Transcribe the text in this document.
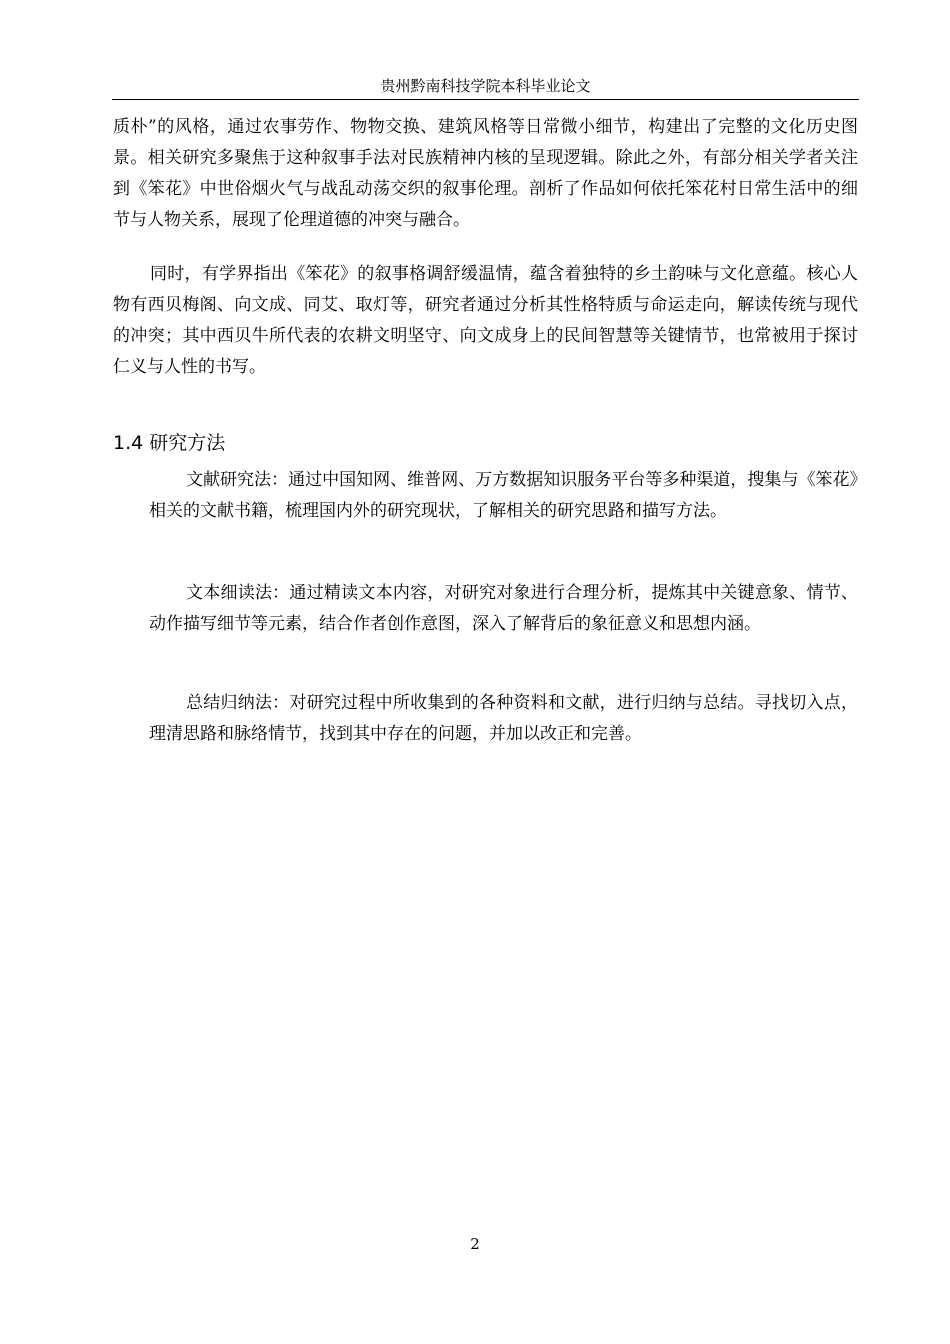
贵州黔南科技学院本科毕业论文

质朴”的风格，通过农事劳作、物物交换、建筑风格等日常微小细节，构建出了完整的文化历史图景。相关研究多聚焦于这种叙事手法对民族精神内核的呈现逻辑。除此之外，有部分相关学者关注到《笨花》中世俗烟火气与战乱动荡交织的叙事伦理。剖析了作品如何依托笨花村日常生活中的细节与人物关系，展现了伦理道德的冲突与融合。

同时，有学界指出《笨花》的叙事格调舒缓温情，蕴含着独特的乡土韵味与文化意蕴。核心人物有西贝梅阁、向文成、同艾、取灯等，研究者通过分析其性格特质与命运走向，解读传统与现代的冲突；其中西贝牛所代表的农耕文明坚守、向文成身上的民间智慧等关键情节，也常被用于探讨仁义与人性的书写。

1.4 研究方法

文献研究法：通过中国知网、维普网、万方数据知识服务平台等多种渠道，搜集与《笨花》相关的文献书籍，梳理国内外的研究现状，了解相关的研究思路和描写方法。

文本细读法：通过精读文本内容，对研究对象进行合理分析，提炼其中关键意象、情节、动作描写细节等元素，结合作者创作意图，深入了解背后的象征意义和思想内涵。

总结归纳法：对研究过程中所收集到的各种资料和文献，进行归纳与总结。寻找切入点，理清思路和脉络情节，找到其中存在的问题，并加以改正和完善。

2
